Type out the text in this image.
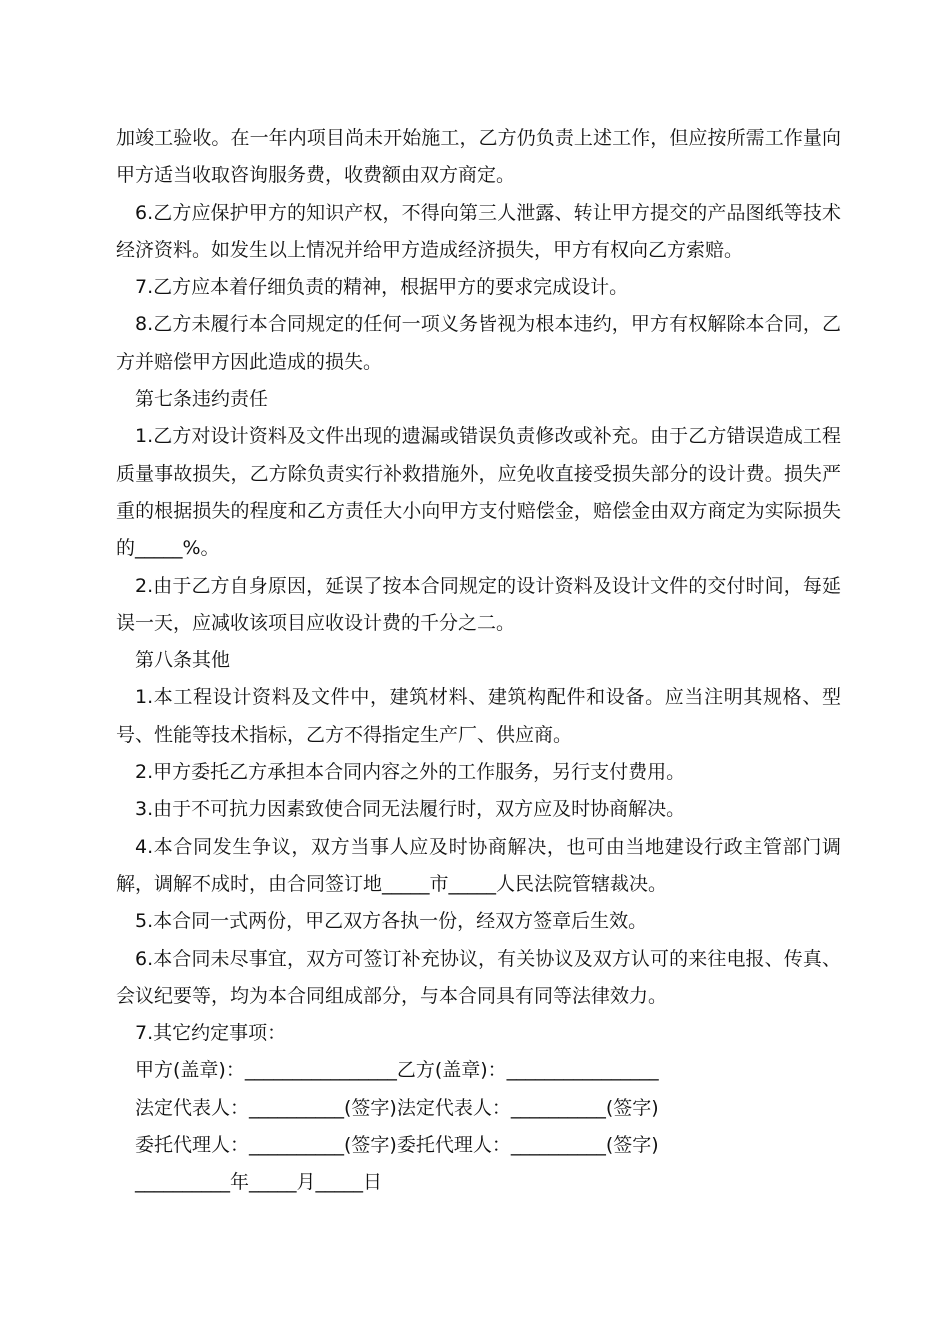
加竣工验收。在一年内项目尚未开始施工，乙方仍负责上述工作，但应按所需工作量向甲方适当收取咨询服务费，收费额由双方商定。

6.乙方应保护甲方的知识产权，不得向第三人泄露、转让甲方提交的产品图纸等技术经济资料。如发生以上情况并给甲方造成经济损失，甲方有权向乙方索赔。

7.乙方应本着仔细负责的精神，根据甲方的要求完成设计。

8.乙方未履行本合同规定的任何一项义务皆视为根本违约，甲方有权解除本合同，乙方并赔偿甲方因此造成的损失。

第七条违约责任

1.乙方对设计资料及文件出现的遗漏或错误负责修改或补充。由于乙方错误造成工程质量事故损失，乙方除负责实行补救措施外，应免收直接受损失部分的设计费。损失严重的根据损失的程度和乙方责任大小向甲方支付赔偿金，赔偿金由双方商定为实际损失的_____%。

2.由于乙方自身原因，延误了按本合同规定的设计资料及设计文件的交付时间，每延误一天，应减收该项目应收设计费的千分之二。

第八条其他

1.本工程设计资料及文件中，建筑材料、建筑构配件和设备。应当注明其规格、型号、性能等技术指标，乙方不得指定生产厂、供应商。

2.甲方委托乙方承担本合同内容之外的工作服务，另行支付费用。

3.由于不可抗力因素致使合同无法履行时，双方应及时协商解决。

4.本合同发生争议，双方当事人应及时协商解决，也可由当地建设行政主管部门调解，调解不成时，由合同签订地_____市_____人民法院管辖裁决。

5.本合同一式两份，甲乙双方各执一份，经双方签章后生效。

6.本合同未尽事宜，双方可签订补充协议，有关协议及双方认可的来往电报、传真、会议纪要等，均为本合同组成部分，与本合同具有同等法律效力。

7.其它约定事项：

甲方(盖章)：________________乙方(盖章)：________________

法定代表人：__________(签字)法定代表人：__________(签字)

委托代理人：__________(签字)委托代理人：__________(签字)

__________年_____月_____日
